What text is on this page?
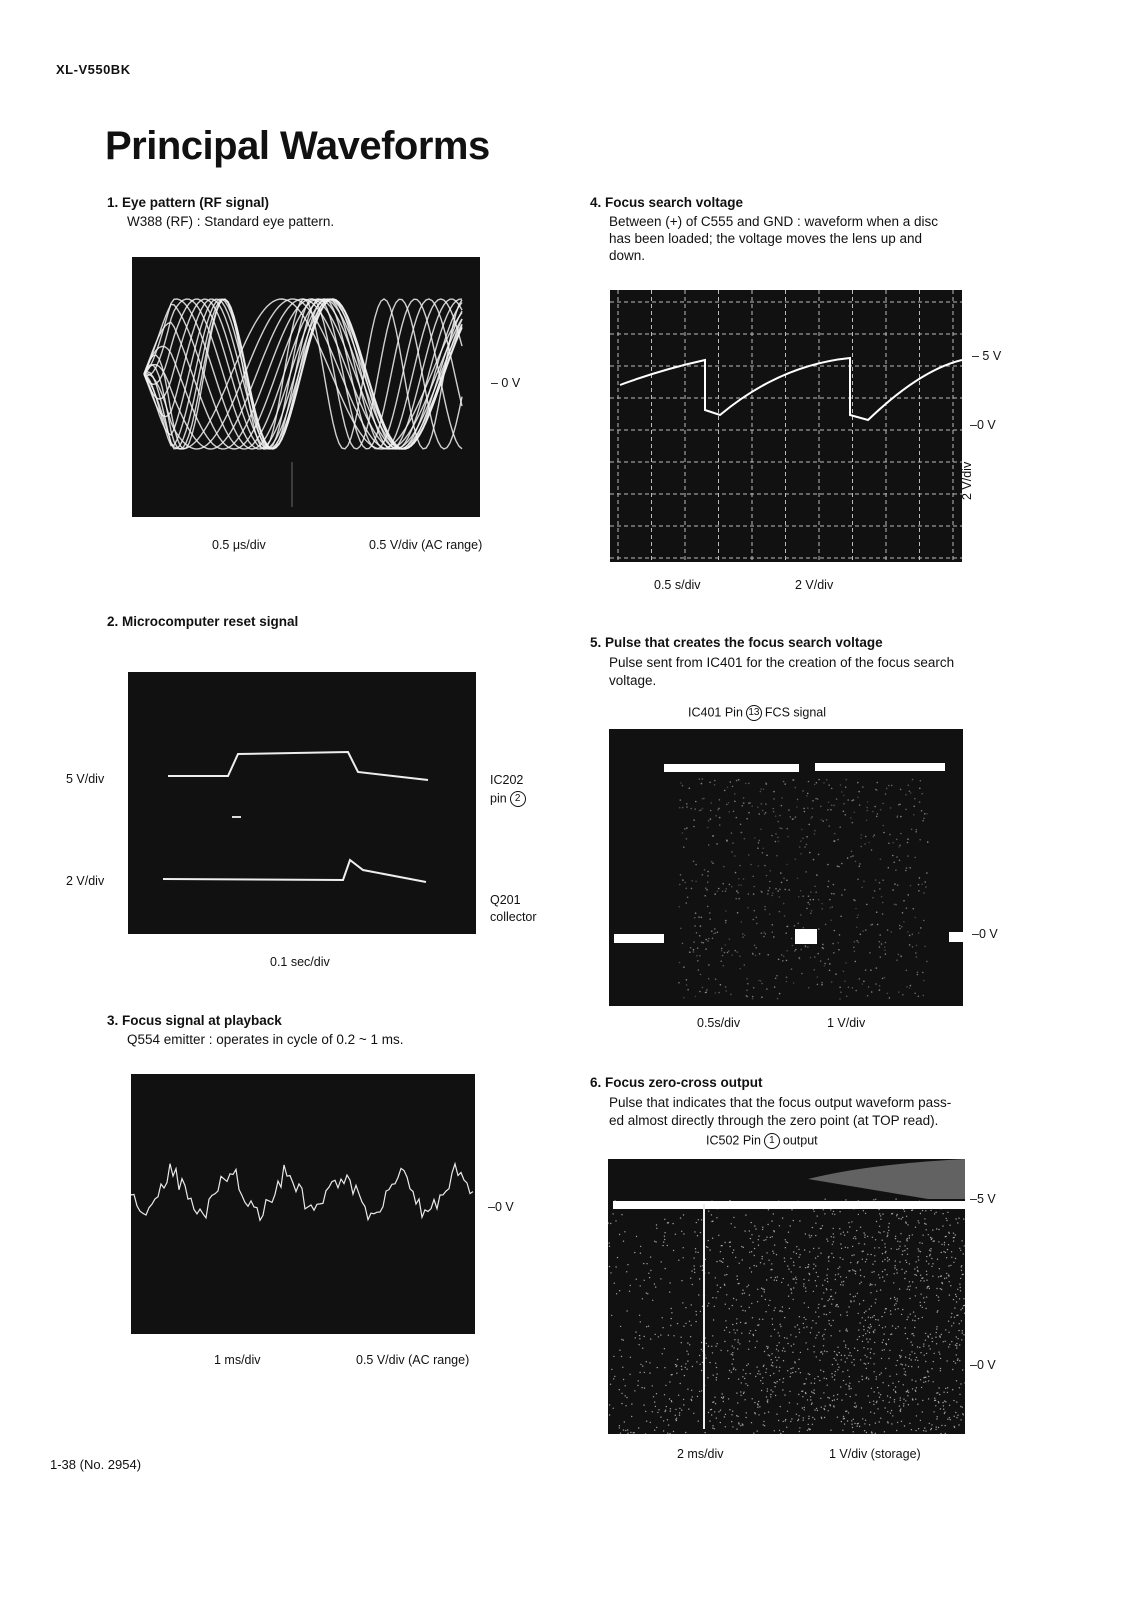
XL-V550BK
Principal Waveforms
1. Eye pattern (RF signal)
W388 (RF) : Standard eye pattern.
– 0 V
0.5 μs/div	0.5 V/div (AC range)
2. Microcomputer reset signal
5 V/div
2 V/div
IC202
pin 2
Q201
collector
0.1 sec/div
3. Focus signal at playback
Q554 emitter : operates in cycle of 0.2 ~ 1 ms.
–0 V
1 ms/div	0.5 V/div (AC range)
4. Focus search voltage
Between (+) of C555 and GND : waveform when a disc
has been loaded; the voltage moves the lens up and
down.
– 5 V
–0 V
2 V/div
0.5 s/div	2 V/div
5. Pulse that creates the focus search voltage
Pulse sent from IC401 for the creation of the focus search
voltage.
IC401 Pin 13 FCS signal
–0 V
0.5s/div	1 V/div
6. Focus zero-cross output
Pulse that indicates that the focus output waveform pass-
ed almost directly through the zero point (at TOP read).
IC502 Pin 1 output
–5 V
–0 V
2 ms/div	1 V/div (storage)
1-38 (No. 2954)
